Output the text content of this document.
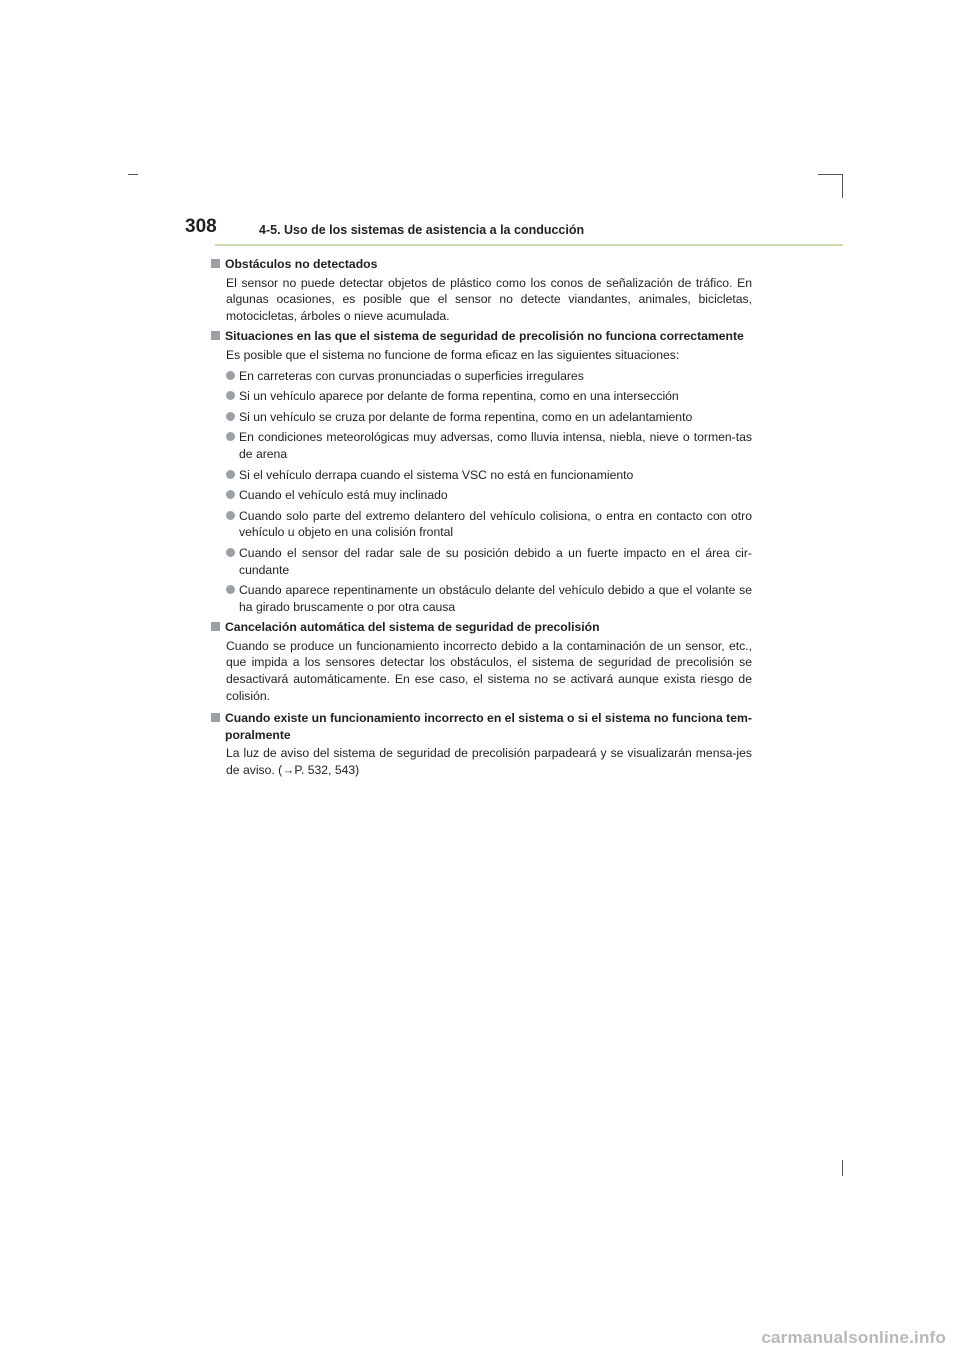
308	4-5. Uso de los sistemas de asistencia a la conducción
Obstáculos no detectados
El sensor no puede detectar objetos de plástico como los conos de señalización de tráfico. En algunas ocasiones, es posible que el sensor no detecte viandantes, animales, bicicletas, motocicletas, árboles o nieve acumulada.
Situaciones en las que el sistema de seguridad de precolisión no funciona correctamente
Es posible que el sistema no funcione de forma eficaz en las siguientes situaciones:
En carreteras con curvas pronunciadas o superficies irregulares
Si un vehículo aparece por delante de forma repentina, como en una intersección
Si un vehículo se cruza por delante de forma repentina, como en un adelantamiento
En condiciones meteorológicas muy adversas, como lluvia intensa, niebla, nieve o tormen-tas de arena
Si el vehículo derrapa cuando el sistema VSC no está en funcionamiento
Cuando el vehículo está muy inclinado
Cuando solo parte del extremo delantero del vehículo colisiona, o entra en contacto con otro vehículo u objeto en una colisión frontal
Cuando el sensor del radar sale de su posición debido a un fuerte impacto en el área cir-cundante
Cuando aparece repentinamente un obstáculo delante del vehículo debido a que el volante se ha girado bruscamente o por otra causa
Cancelación automática del sistema de seguridad de precolisión
Cuando se produce un funcionamiento incorrecto debido a la contaminación de un sensor, etc., que impida a los sensores detectar los obstáculos, el sistema de seguridad de precolisión se desactivará automáticamente. En ese caso, el sistema no se activará aunque exista riesgo de colisión.
Cuando existe un funcionamiento incorrecto en el sistema o si el sistema no funciona tem-poralmente
La luz de aviso del sistema de seguridad de precolisión parpadeará y se visualizarán mensa-jes de aviso. (→P. 532, 543)
carmanualsonline.info
